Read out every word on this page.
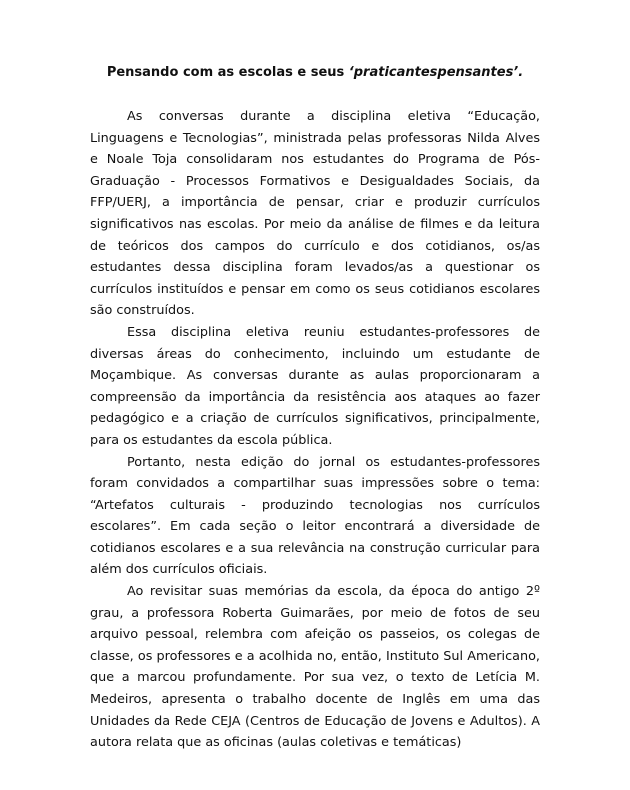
Pensando com as escolas e seus ‘praticantespensantes’.

As conversas durante a disciplina eletiva “Educação, Linguagens e Tecnologias”, ministrada pelas professoras Nilda Alves e Noale Toja consolidaram nos estudantes do Programa de Pós-Graduação - Processos Formativos e Desigualdades Sociais, da FFP/UERJ, a importância de pensar, criar e produzir currículos significativos nas escolas. Por meio da análise de filmes e da leitura de teóricos dos campos do currículo e dos cotidianos, os/as estudantes dessa disciplina foram levados/as a questionar os currículos instituídos e pensar em como os seus cotidianos escolares são construídos.

Essa disciplina eletiva reuniu estudantes-professores de diversas áreas do conhecimento, incluindo um estudante de Moçambique. As conversas durante as aulas proporcionaram a compreensão da importância da resistência aos ataques ao fazer pedagógico e a criação de currículos significativos, principalmente, para os estudantes da escola pública.

Portanto, nesta edição do jornal os estudantes-professores foram convidados a compartilhar suas impressões sobre o tema: “Artefatos culturais - produzindo tecnologias nos currículos escolares”. Em cada seção o leitor encontrará a diversidade de cotidianos escolares e a sua relevância na construção curricular para além dos currículos oficiais.

Ao revisitar suas memórias da escola, da época do antigo 2º grau, a professora Roberta Guimarães, por meio de fotos de seu arquivo pessoal, relembra com afeição os passeios, os colegas de classe, os professores e a acolhida no, então, Instituto Sul Americano, que a marcou profundamente. Por sua vez, o texto de Letícia M. Medeiros, apresenta o trabalho docente de Inglês em uma das Unidades da Rede CEJA (Centros de Educação de Jovens e Adultos). A autora relata que as oficinas (aulas coletivas e temáticas)
